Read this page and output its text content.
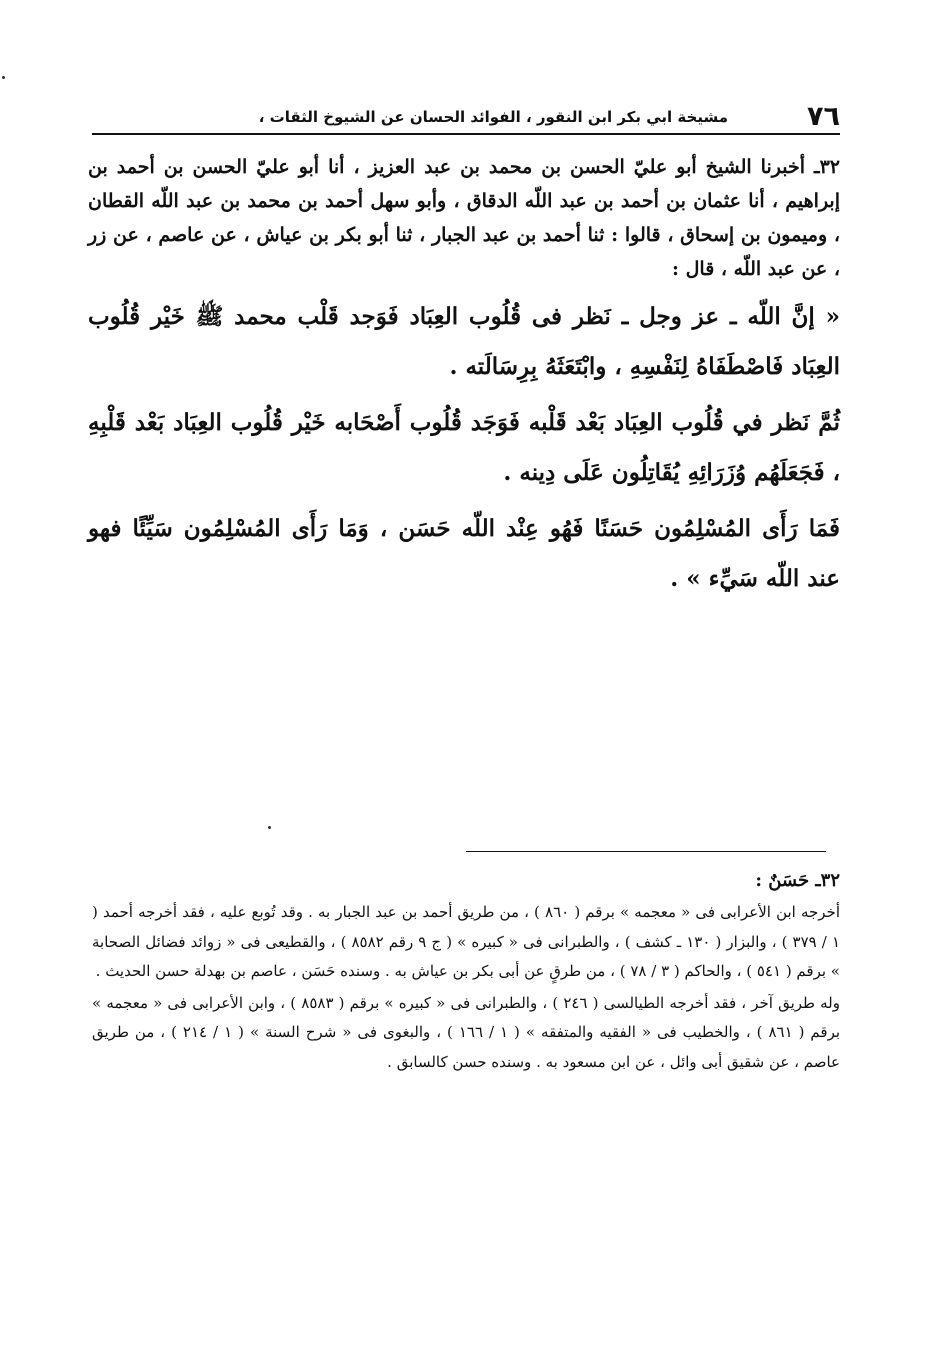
٧٦
مشيخة ابي بكر ابن النقور ، الفوائد الحسان عن الشيوخ الثقات ،

٣٢ـ أخبرنا الشيخ أبو عليّ الحسن بن محمد بن عبد العزيز ، أنا أبو عليّ الحسن بن أحمد بن إبراهيم ، أنا عثمان بن أحمد بن عبد اللّه الدقاق ، وأبو سهل أحمد بن محمد بن عبد اللّه القطان ، وميمون بن إسحاق ، قالوا : ثنا أحمد بن عبد الجبار ، ثنا أبو بكر بن عياش ، عن عاصم ، عن زر ، عن عبد اللّه ، قال :

« إنَّ اللّه ـ عز وجل ـ نَظر فى قُلُوب العِبَاد فَوَجد قَلْب محمد ﷺ خَيْر قُلُوب العِبَاد فَاصْطَفَاهُ لِنَفْسِهِ ، وابْتَعَثَهُ بِرِسَالَته .

ثُمَّ نَظر في قُلُوب العِبَاد بَعْد قَلْبه فَوَجَد قُلُوب أَصْحَابه خَيْر قُلُوب العِبَاد بَعْد قَلْبِهِ ، فَجَعَلَهُم وُزَرَائِهِ يُقَاتِلُون عَلَى دِينه .

فَمَا رَأَى المُسْلِمُون حَسَنًا فَهُو عِنْد اللّه حَسَن ، وَمَا رَأَى المُسْلِمُون سَيِّئًا فهو عند اللّه سَيِّء » .

٣٢ـ حَسَنٌ :

أخرجه ابن الأعرابى فى « معجمه » برقم ( ٨٦٠ ) ، من طريق أحمد بن عبد الجبار به . وقد تُوبع عليه ، فقد أخرجه أحمد ( ١ / ٣٧٩ ) ، والبزار ( ١٣٠ ـ كشف ) ، والطبرانى فى « كبيره » ( ج ٩ رقم ٨٥٨٢ ) ، والقطيعى فى « زوائد فضائل الصحابة » برقم ( ٥٤١ ) ، والحاكم ( ٣ / ٧٨ ) ، من طرقٍ عن أبى بكر بن عياش به . وسنده حَسَن ، عاصم بن بهدلة حسن الحديث .

وله طريق آخر ، فقد أخرجه الطيالسى ( ٢٤٦ ) ، والطبرانى فى « كبيره » برقم ( ٨٥٨٣ ) ، وابن الأعرابى فى « معجمه » برقم ( ٨٦١ ) ، والخطيب فى « الفقيه والمتفقه » ( ١ / ١٦٦ ) ، والبغوى فى « شرح السنة » ( ١ / ٢١٤ ) ، من طريق عاصم ، عن شقيق أبى وائل ، عن ابن مسعود به . وسنده حسن كالسابق .
